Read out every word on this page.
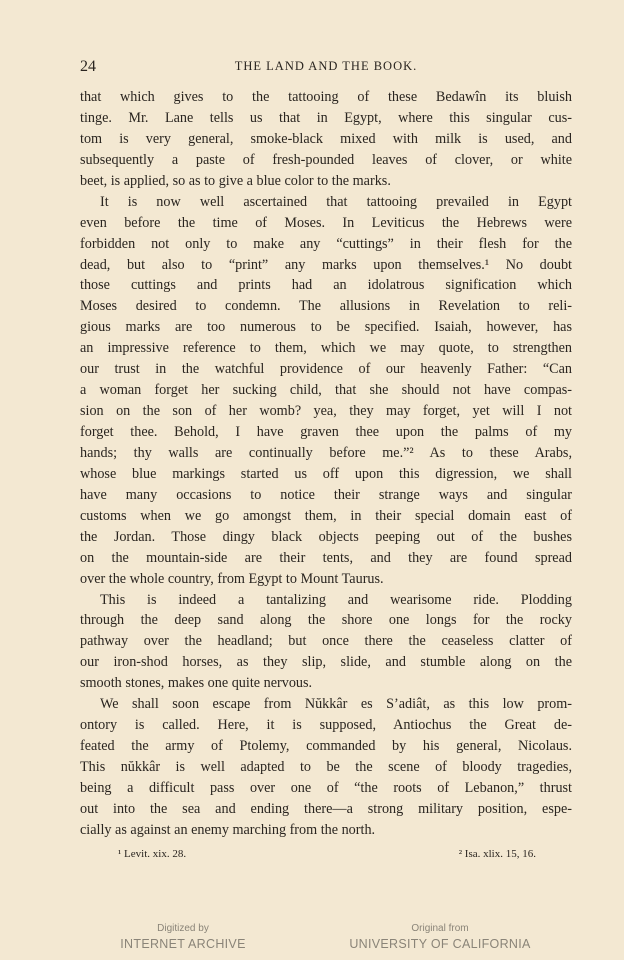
24	THE LAND AND THE BOOK.
that which gives to the tattooing of these Bedawîn its bluish
tinge. Mr. Lane tells us that in Egypt, where this singular cus-
tom is very general, smoke-black mixed with milk is used, and
subsequently a paste of fresh-pounded leaves of clover, or white
beet, is applied, so as to give a blue color to the marks.
It is now well ascertained that tattooing prevailed in Egypt
even before the time of Moses. In Leviticus the Hebrews were
forbidden not only to make any “cuttings” in their flesh for the
dead, but also to “print” any marks upon themselves.¹ No doubt
those cuttings and prints had an idolatrous signification which
Moses desired to condemn. The allusions in Revelation to reli-
gious marks are too numerous to be specified. Isaiah, however, has
an impressive reference to them, which we may quote, to strengthen
our trust in the watchful providence of our heavenly Father: “Can
a woman forget her sucking child, that she should not have compas-
sion on the son of her womb? yea, they may forget, yet will I not
forget thee. Behold, I have graven thee upon the palms of my
hands; thy walls are continually before me.”² As to these Arabs,
whose blue markings started us off upon this digression, we shall
have many occasions to notice their strange ways and singular
customs when we go amongst them, in their special domain east of
the Jordan. Those dingy black objects peeping out of the bushes
on the mountain-side are their tents, and they are found spread
over the whole country, from Egypt to Mount Taurus.
This is indeed a tantalizing and wearisome ride. Plodding
through the deep sand along the shore one longs for the rocky
pathway over the headland; but once there the ceaseless clatter of
our iron-shod horses, as they slip, slide, and stumble along on the
smooth stones, makes one quite nervous.
We shall soon escape from Nŭkkâr es S’adiât, as this low prom-
ontory is called. Here, it is supposed, Antiochus the Great de-
feated the army of Ptolemy, commanded by his general, Nicolaus.
This nŭkkâr is well adapted to be the scene of bloody tragedies,
being a difficult pass over one of “the roots of Lebanon,” thrust
out into the sea and ending there—a strong military position, espe-
cially as against an enemy marching from the north.
¹ Levit. xix. 28.	² Isa. xlix. 15, 16.
Digitized by
INTERNET ARCHIVE
Original from
UNIVERSITY OF CALIFORNIA
